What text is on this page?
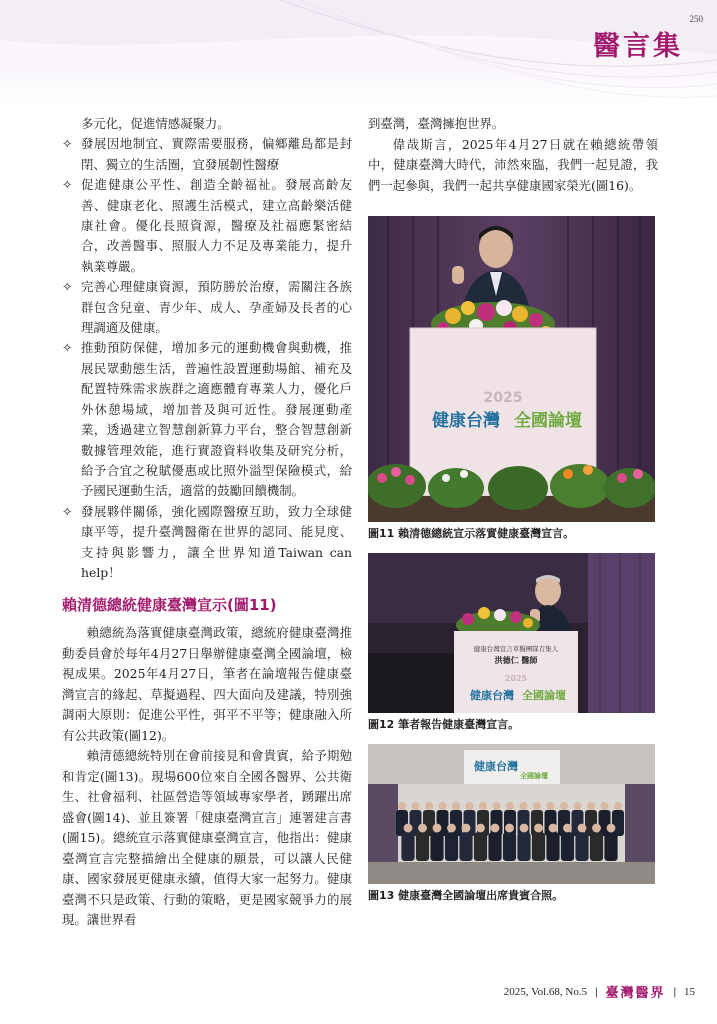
250
醫言集
多元化，促進情感凝聚力。
✧ 發展因地制宜、實際需要服務，偏鄉離島都是封閉、獨立的生活圈，宜發展韌性醫療
✧ 促進健康公平性、創造全齡福祉。發展高齡友善、健康老化、照護生活模式，建立高齡樂活健康社會。優化長照資源，醫療及社福應緊密結合，改善醫事、照服人力不足及專業能力，提升執業尊嚴。
✧ 完善心理健康資源，預防勝於治療，需關注各族群包含兒童、青少年、成人、孕產婦及長者的心理調適及健康。
✧ 推動預防保健，增加多元的運動機會與動機，推展民眾動態生活，普遍性設置運動場館、補充及配置特殊需求族群之適應體育專業人力，優化戶外休憩場域，增加普及與可近性。發展運動產業，透過建立智慧創新算力平台，整合智慧創新數據管理效能，進行實證資料收集及研究分析，給予合宜之稅賦優惠或比照外溢型保險模式，給予國民運動生活，適當的鼓勵回饋機制。
✧ 發展夥伴關係，強化國際醫療互助，致力全球健康平等，提升臺灣醫衛在世界的認同、能見度、支持與影響力，讓全世界知道Taiwan can help！
賴清德總統健康臺灣宣示(圖11)

賴總統為落實健康臺灣政策，總統府健康臺灣推動委員會於每年4月27日舉辦健康臺灣全國論壇，檢視成果。2025年4月27日，筆者在論壇報告健康臺灣宣言的緣起、草擬過程、四大面向及建議，特別強調兩大原則：促進公平性，弭平不平等；健康融入所有公共政策(圖12)。

賴清德總統特別在會前接見和會貴賓，給予期勉和肯定(圖13)。現場600位來自全國各醫界、公共衛生、社會福利、社區營造等領域專家學者，踴躍出席盛會(圖14)、並且簽署「健康臺灣宣言」連署建言書(圖15)。總統宣示落實健康臺灣宣言，他指出：健康臺灣宣言完整描繪出全健康的願景，可以讓人民健康、國家發展更健康永續，值得大家一起努力。健康臺灣不只是政策、行動的策略，更是國家競爭力的展現。讓世界看

到臺灣，臺灣擁抱世界。

偉哉斯言，2025年4月27日就在賴總統帶領中，健康臺灣大時代，沛然來臨，我們一起見證，我們一起參與，我們一起共享健康國家榮光(圖16)。

2025
健康台灣 全國論壇
圖11 賴清德總統宣示落實健康臺灣宣言。
健康台灣宣言草擬團隊召集人
洪德仁 醫師
2025
健康台灣 全國論壇
圖12 筆者報告健康臺灣宣言。
健康台灣
全國論壇
圖13 健康臺灣全國論壇出席貴賓合照。
2025, Vol.68, No.5 | 臺灣醫界 | 15
